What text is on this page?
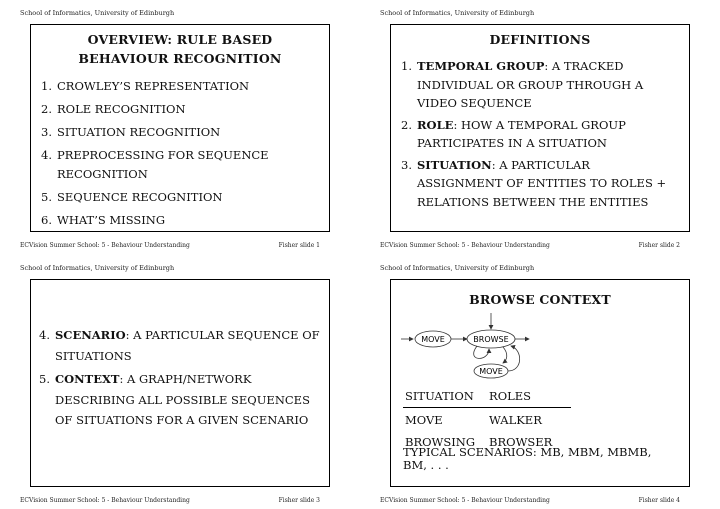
School of Informatics, University of Edinburgh
OVERVIEW: RULE BASED BEHAVIOUR RECOGNITION
1. CROWLEY’S REPRESENTATION
2. ROLE RECOGNITION
3. SITUATION RECOGNITION
4. PREPROCESSING FOR SEQUENCE RECOGNITION
5. SEQUENCE RECOGNITION
6. WHAT’S MISSING
ECVision Summer School: 5 - Behaviour Understanding	Fisher slide 1
School of Informatics, University of Edinburgh
DEFINITIONS
1. TEMPORAL GROUP: A TRACKED INDIVIDUAL OR GROUP THROUGH A VIDEO SEQUENCE
2. ROLE: HOW A TEMPORAL GROUP PARTICIPATES IN A SITUATION
3. SITUATION: A PARTICULAR ASSIGNMENT OF ENTITIES TO ROLES + RELATIONS BETWEEN THE ENTITIES
ECVision Summer School: 5 - Behaviour Understanding	Fisher slide 2
School of Informatics, University of Edinburgh
4. SCENARIO: A PARTICULAR SEQUENCE OF SITUATIONS
5. CONTEXT: A GRAPH/NETWORK DESCRIBING ALL POSSIBLE SEQUENCES OF SITUATIONS FOR A GIVEN SCENARIO
ECVision Summer School: 5 - Behaviour Understanding	Fisher slide 3
School of Informatics, University of Edinburgh
BROWSE CONTEXT
MOVE	BROWSE
MOVE
SITUATION	ROLES
MOVE	WALKER
BROWSING	BROWSER
TYPICAL SCENARIOS: MB, MBM, MBMB, BM, . . .
ECVision Summer School: 5 - Behaviour Understanding	Fisher slide 4
